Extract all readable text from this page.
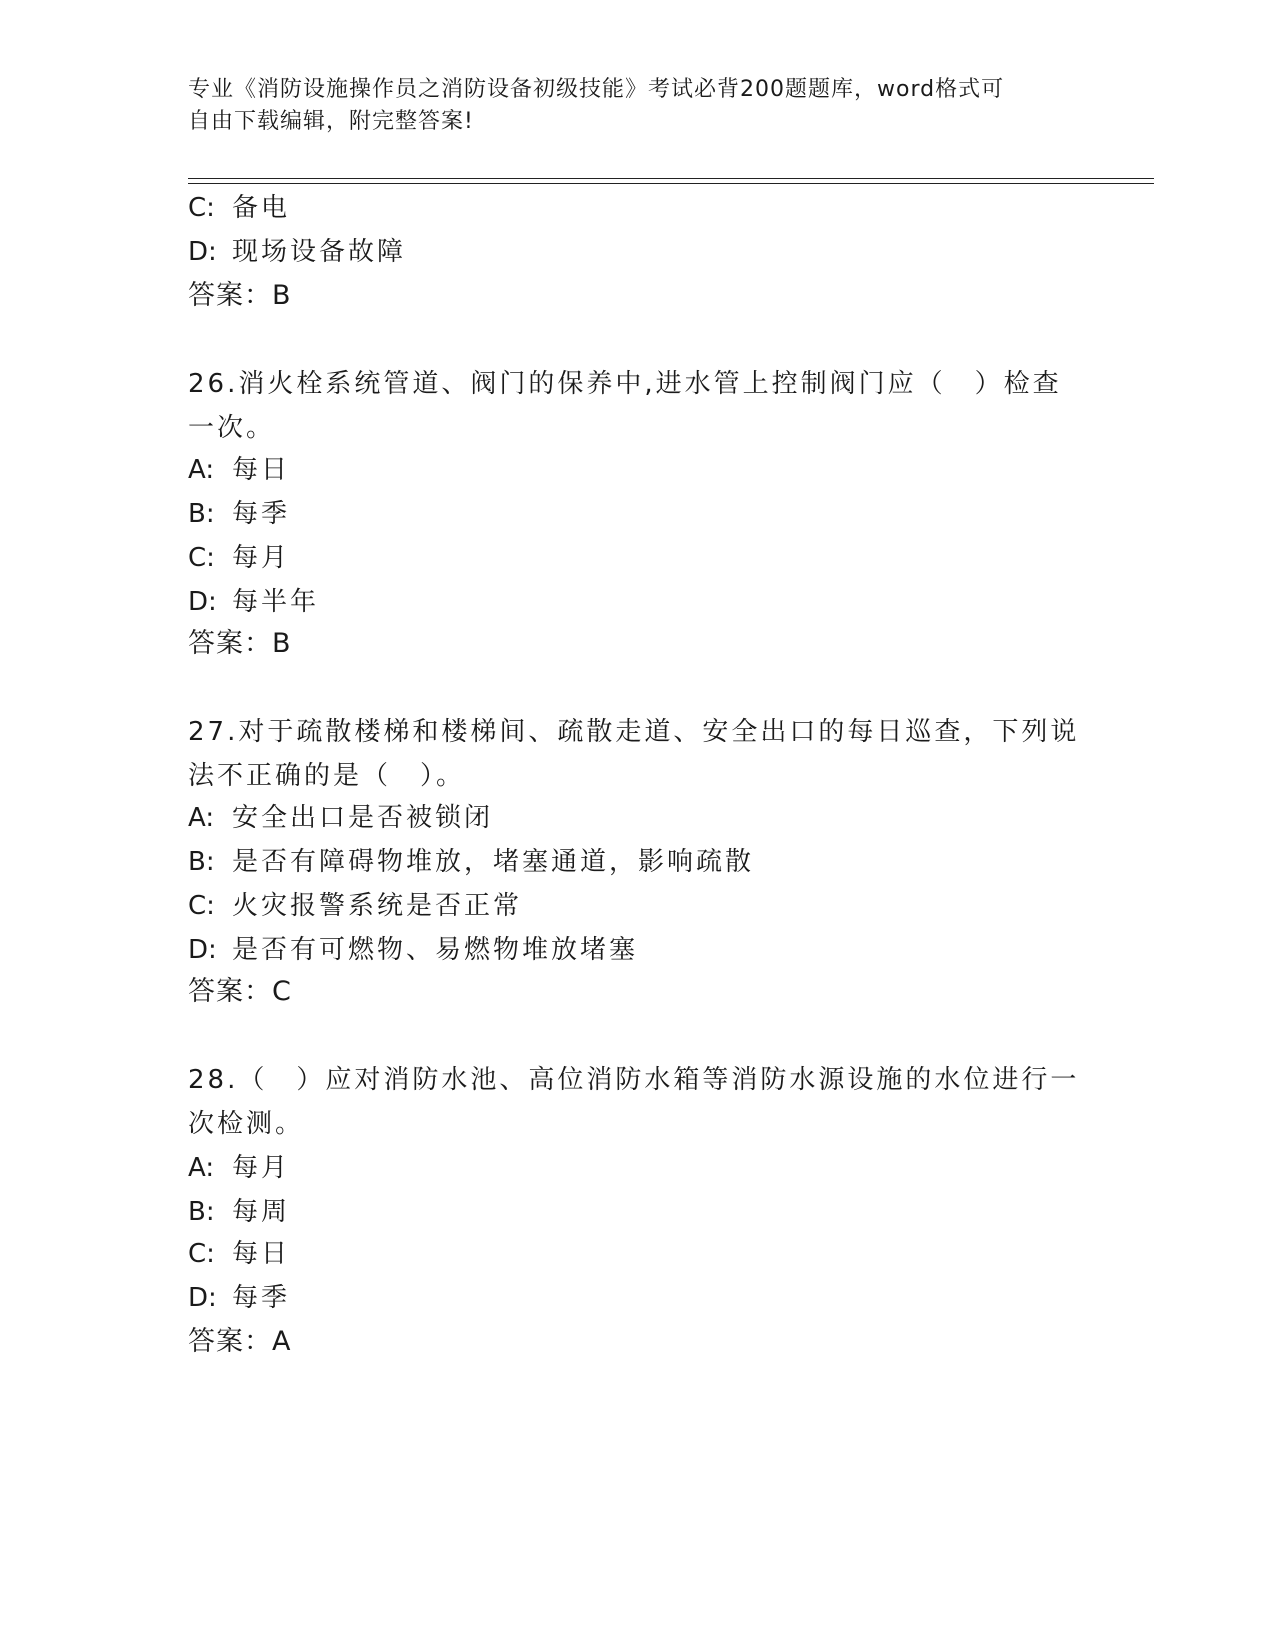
专业《消防设施操作员之消防设备初级技能》考试必背200题题库，word格式可
自由下载编辑，附完整答案!
C: 备电
D: 现场设备故障
答案：B
26.消火栓系统管道、阀门的保养中,进水管上控制阀门应（　）检查
一次。
A: 每日
B: 每季
C: 每月
D: 每半年
答案：B
27.对于疏散楼梯和楼梯间、疏散走道、安全出口的每日巡查，下列说
法不正确的是（　）。
A: 安全出口是否被锁闭
B: 是否有障碍物堆放，堵塞通道，影响疏散
C: 火灾报警系统是否正常
D: 是否有可燃物、易燃物堆放堵塞
答案：C
28.（　）应对消防水池、高位消防水箱等消防水源设施的水位进行一
次检测。
A: 每月
B: 每周
C: 每日
D: 每季
答案：A
